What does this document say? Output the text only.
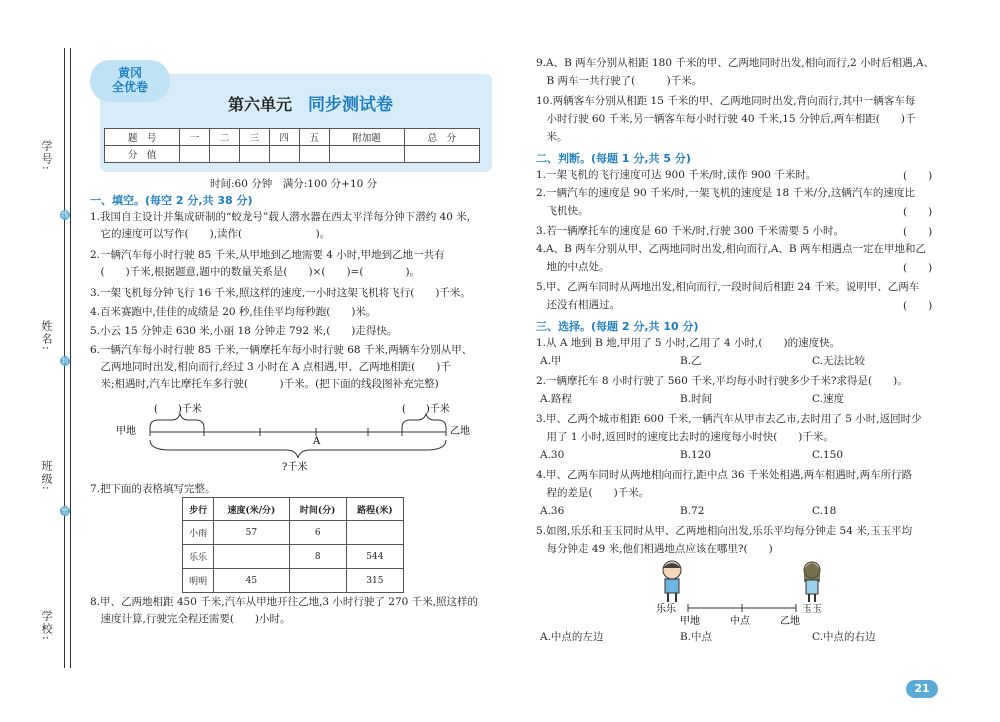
学号:
姓名:
班级:
学校:
线
封
密
黄冈
全优卷
第六单元 同步测试卷
题　号	一	二	三	四	五	附加题	总　分
分　值							
时间:60 分钟　满分:100 分+10 分
一、填空。(每空 2 分,共 38 分)
1.我国自主设计并集成研制的“蛟龙号”载人潜水器在西太平洋每分钟下潜约 40 米,
　它的速度可以写作(　　),读作(　　　　　　　)。
2.一辆汽车每小时行驶 85 千米,从甲地到乙地需要 4 小时,甲地到乙地一共有
　(　　)千米,根据题意,题中的数量关系是(　　)×(　　)=(　　　　)。
3.一架飞机每分钟飞行 16 千米,照这样的速度,一小时这架飞机将飞行(　　)千米。
4.百米赛跑中,佳佳的成绩是 20 秒,佳佳平均每秒跑(　　)米。
5.小云 15 分钟走 630 米,小丽 18 分钟走 792 米,(　　)走得快。
6.一辆汽车每小时行驶 85 千米,一辆摩托车每小时行驶 68 千米,两辆车分别从甲、
　乙两地同时出发,相向而行,经过 3 小时在 A 点相遇,甲、乙两地相距(　　)千
　米;相遇时,汽车比摩托车多行驶(　　　)千米。(把下面的线段图补充完整)
(　　)千米	(　　)千米
甲地	乙地
A
?千米
7.把下面的表格填写完整。
步行	速度(米/分)	时间(分)	路程(米)
小雨	57	6	
乐乐		8	544
明明	45		315
8.甲、乙两地相距 450 千米,汽车从甲地开往乙地,3 小时行驶了 270 千米,照这样的
　速度计算,行驶完全程还需要(　　)小时。
9.A、B 两车分别从相距 180 千米的甲、乙两地同时出发,相向而行,2 小时后相遇,A、
　B 两车一共行驶了(　　　)千米。
10.两辆客车分别从相距 15 千米的甲、乙两地同时出发,背向而行,其中一辆客车每
　小时行驶 60 千米,另一辆客车每小时行驶 40 千米,15 分钟后,两车相距(　　)千
　米。
二、判断。(每题 1 分,共 5 分)
1.一架飞机的飞行速度可达 900 千米/时,读作 900 千米时。	(　　)
2.一辆汽车的速度是 90 千米/时,一架飞机的速度是 18 千米/分,这辆汽车的速度比
　飞机快。	(　　)
3.若一辆摩托车的速度是 60 千米/时,行驶 300 千米需要 5 小时。	(　　)
4.A、B 两车分别从甲、乙两地同时出发,相向而行,A、B 两车相遇点一定在甲地和乙
　地的中点处。	(　　)
5.甲、乙两车同时从两地出发,相向而行,一段时间后相距 24 千米。说明甲、乙两车
　还没有相遇过。	(　　)
三、选择。(每题 2 分,共 10 分)
1.从 A 地到 B 地,甲用了 5 小时,乙用了 4 小时,(　　)的速度快。
A.甲	B.乙	C.无法比较
2.一辆摩托车 8 小时行驶了 560 千米,平均每小时行驶多少千米?求得是(　　)。
A.路程	B.时间	C.速度
3.甲、乙两个城市相距 600 千米,一辆汽车从甲市去乙市,去时用了 5 小时,返回时少
　用了 1 小时,返回时的速度比去时的速度每小时快(　　)千米。
A.30	B.120	C.150
4.甲、乙两车同时从两地相向而行,距中点 36 千米处相遇,两车相遇时,两车所行路
　程的差是(　　)千米。
A.36	B.72	C.18
5.如图,乐乐和玉玉同时从甲、乙两地相向出发,乐乐平均每分钟走 54 米,玉玉平均
　每分钟走 49 米,他们相遇地点应该在哪里?(　　)
乐乐	玉玉
甲地	中点	乙地
A.中点的左边	B.中点	C.中点的右边
21
